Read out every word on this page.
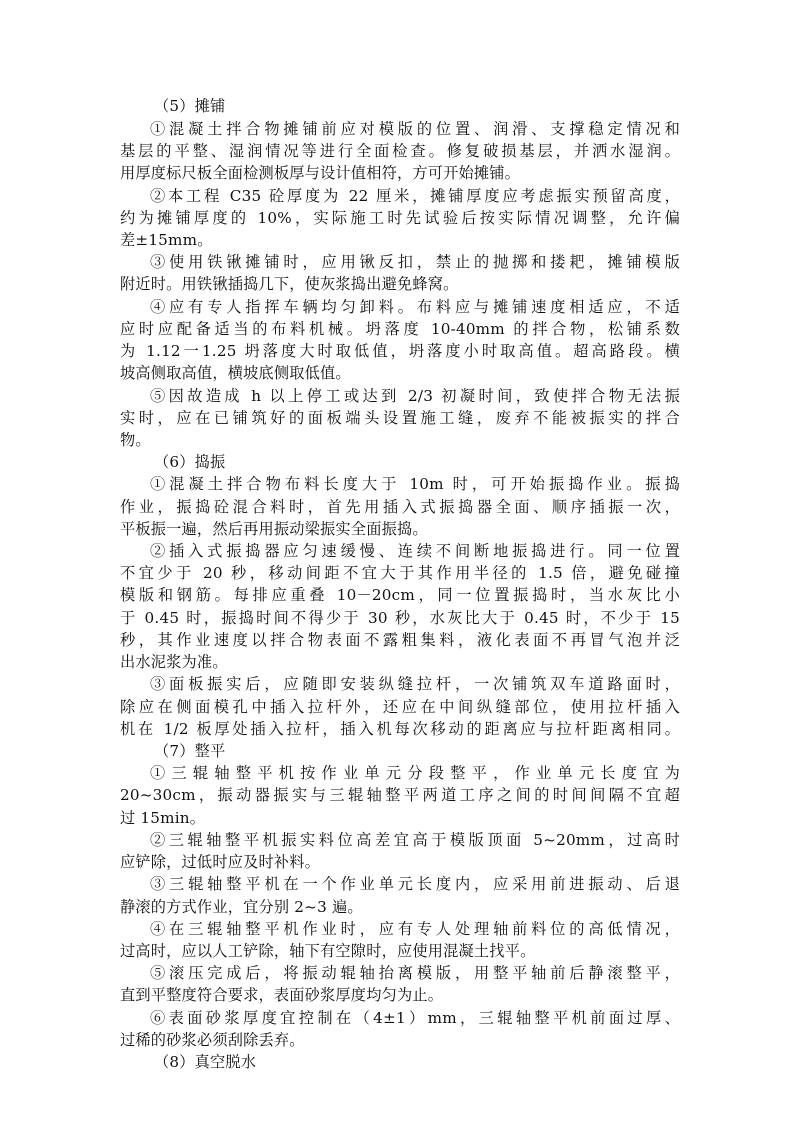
（5）摊铺
①混凝土拌合物摊铺前应对模版的位置、润滑、支撑稳定情况和
基层的平整、湿润情况等进行全面检查。修复破损基层，并洒水湿润。
用厚度标尺板全面检测板厚与设计值相符，方可开始摊铺。
②本工程 C35 砼厚度为 22 厘米，摊铺厚度应考虑振实预留高度，
约为摊铺厚度的 10%，实际施工时先试验后按实际情况调整，允许偏
差±15mm。
③使用铁锹摊铺时，应用锹反扣，禁止的抛掷和搂耙，摊铺模版
附近时。用铁锹插捣几下，使灰浆捣出避免蜂窝。
④应有专人指挥车辆均匀卸料。布料应与摊铺速度相适应，不适
应时应配备适当的布料机械。坍落度 10-40mm 的拌合物，松铺系数
为 1.12一1.25 坍落度大时取低值，坍落度小时取高值。超高路段。横
坡高侧取高值，横坡底侧取低值。
⑤因故造成 h 以上停工或达到 2/3 初凝时间，致使拌合物无法振
实时，应在已铺筑好的面板端头设置施工缝，废弃不能被振实的拌合
物。
（6）捣振
①混凝土拌合物布料长度大于 10m 时，可开始振捣作业。振捣
作业，振捣砼混合料时，首先用插入式振捣器全面、顺序插振一次，
平板振一遍，然后再用振动梁振实全面振捣。
②插入式振捣器应匀速缓慢、连续不间断地振捣进行。同一位置
不宜少于 20 秒，移动间距不宜大于其作用半径的 1.5 倍，避免碰撞
模版和钢筋。每排应重叠 10－20cm，同一位置振捣时，当水灰比小
于 0.45 时，振捣时间不得少于 30 秒，水灰比大于 0.45 时，不少于 15
秒，其作业速度以拌合物表面不露粗集料，液化表面不再冒气泡并泛
出水泥浆为准。
③面板振实后，应随即安装纵缝拉杆，一次铺筑双车道路面时，
除应在侧面模孔中插入拉杆外，还应在中间纵缝部位，使用拉杆插入
机在 1/2 板厚处插入拉杆，插入机每次移动的距离应与拉杆距离相同。
（7）整平
①三辊轴整平机按作业单元分段整平，作业单元长度宜为
20~30cm，振动器振实与三辊轴整平两道工序之间的时间间隔不宜超
过 15min。
②三辊轴整平机振实料位高差宜高于模版顶面 5~20mm，过高时
应铲除，过低时应及时补料。
③三辊轴整平机在一个作业单元长度内，应采用前进振动、后退
静滚的方式作业，宜分别 2~3 遍。
④在三辊轴整平机作业时，应有专人处理轴前料位的高低情况，
过高时，应以人工铲除，轴下有空隙时，应使用混凝土找平。
⑤滚压完成后，将振动辊轴抬离模版，用整平轴前后静滚整平，
直到平整度符合要求，表面砂浆厚度均匀为止。
⑥表面砂浆厚度宜控制在（4±1）mm，三辊轴整平机前面过厚、
过稀的砂浆必须刮除丢弃。
（8）真空脱水
